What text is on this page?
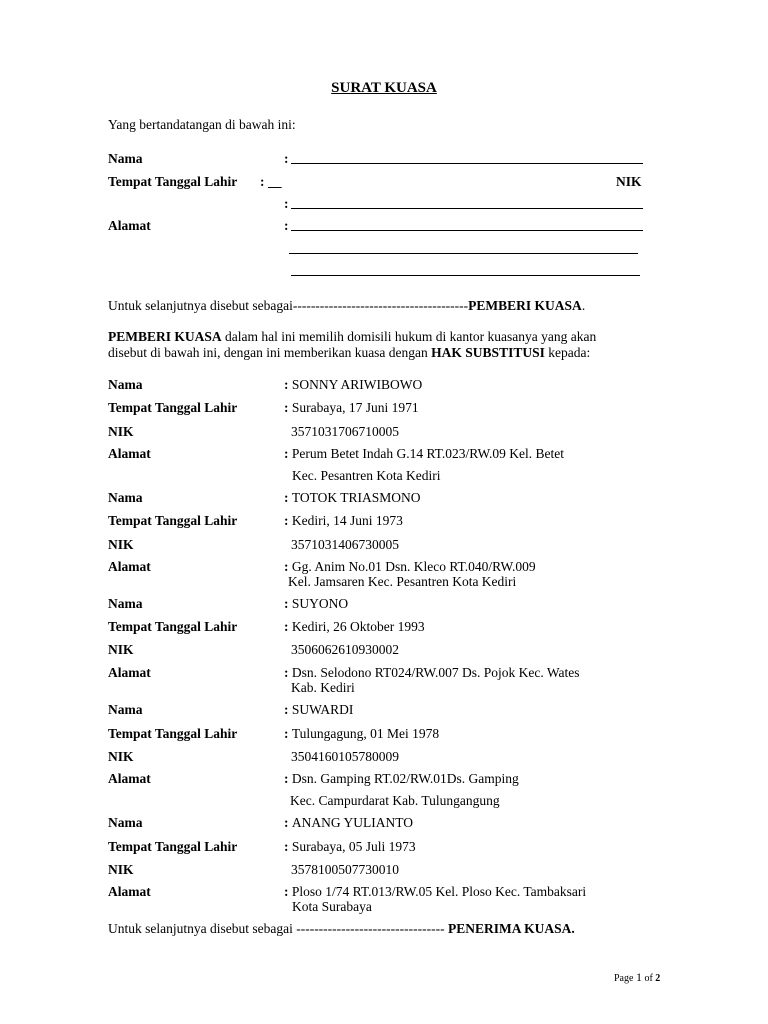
SURAT KUASA
Yang bertandatangan di bawah ini:
Nama	:
Tempat Tanggal Lahir : __	NIK
:
Alamat	:
Untuk selanjutnya disebut sebagai---------------------------------------PEMBERI KUASA.
PEMBERI KUASA dalam hal ini memilih domisili hukum di kantor kuasanya yang akan
disebut di bawah ini, dengan ini memberikan kuasa dengan HAK SUBSTITUSI kepada:
Nama	: SONNY ARIWIBOWO
Tempat Tanggal Lahir	: Surabaya, 17 Juni 1971
NIK	3571031706710005
Alamat	: Perum Betet Indah G.14 RT.023/RW.09 Kel. Betet
Kec. Pesantren Kota Kediri
Nama	: TOTOK TRIASMONO
Tempat Tanggal Lahir	: Kediri, 14 Juni 1973
NIK	3571031406730005
Alamat	: Gg. Anim No.01 Dsn. Kleco RT.040/RW.009
Kel. Jamsaren Kec. Pesantren Kota Kediri
Nama	: SUYONO
Tempat Tanggal Lahir	: Kediri, 26 Oktober 1993
NIK	3506062610930002
Alamat	: Dsn. Selodono RT024/RW.007 Ds. Pojok Kec. Wates
Kab. Kediri
Nama	: SUWARDI
Tempat Tanggal Lahir	: Tulungagung, 01 Mei 1978
NIK	3504160105780009
Alamat	: Dsn. Gamping RT.02/RW.01Ds. Gamping
Kec. Campurdarat Kab. Tulungangung
Nama	: ANANG YULIANTO
Tempat Tanggal Lahir	: Surabaya, 05 Juli 1973
NIK	3578100507730010
Alamat	: Ploso 1/74 RT.013/RW.05 Kel. Ploso Kec. Tambaksari
Kota Surabaya
Untuk selanjutnya disebut sebagai --------------------------------- PENERIMA KUASA.
Page 1 of 2
